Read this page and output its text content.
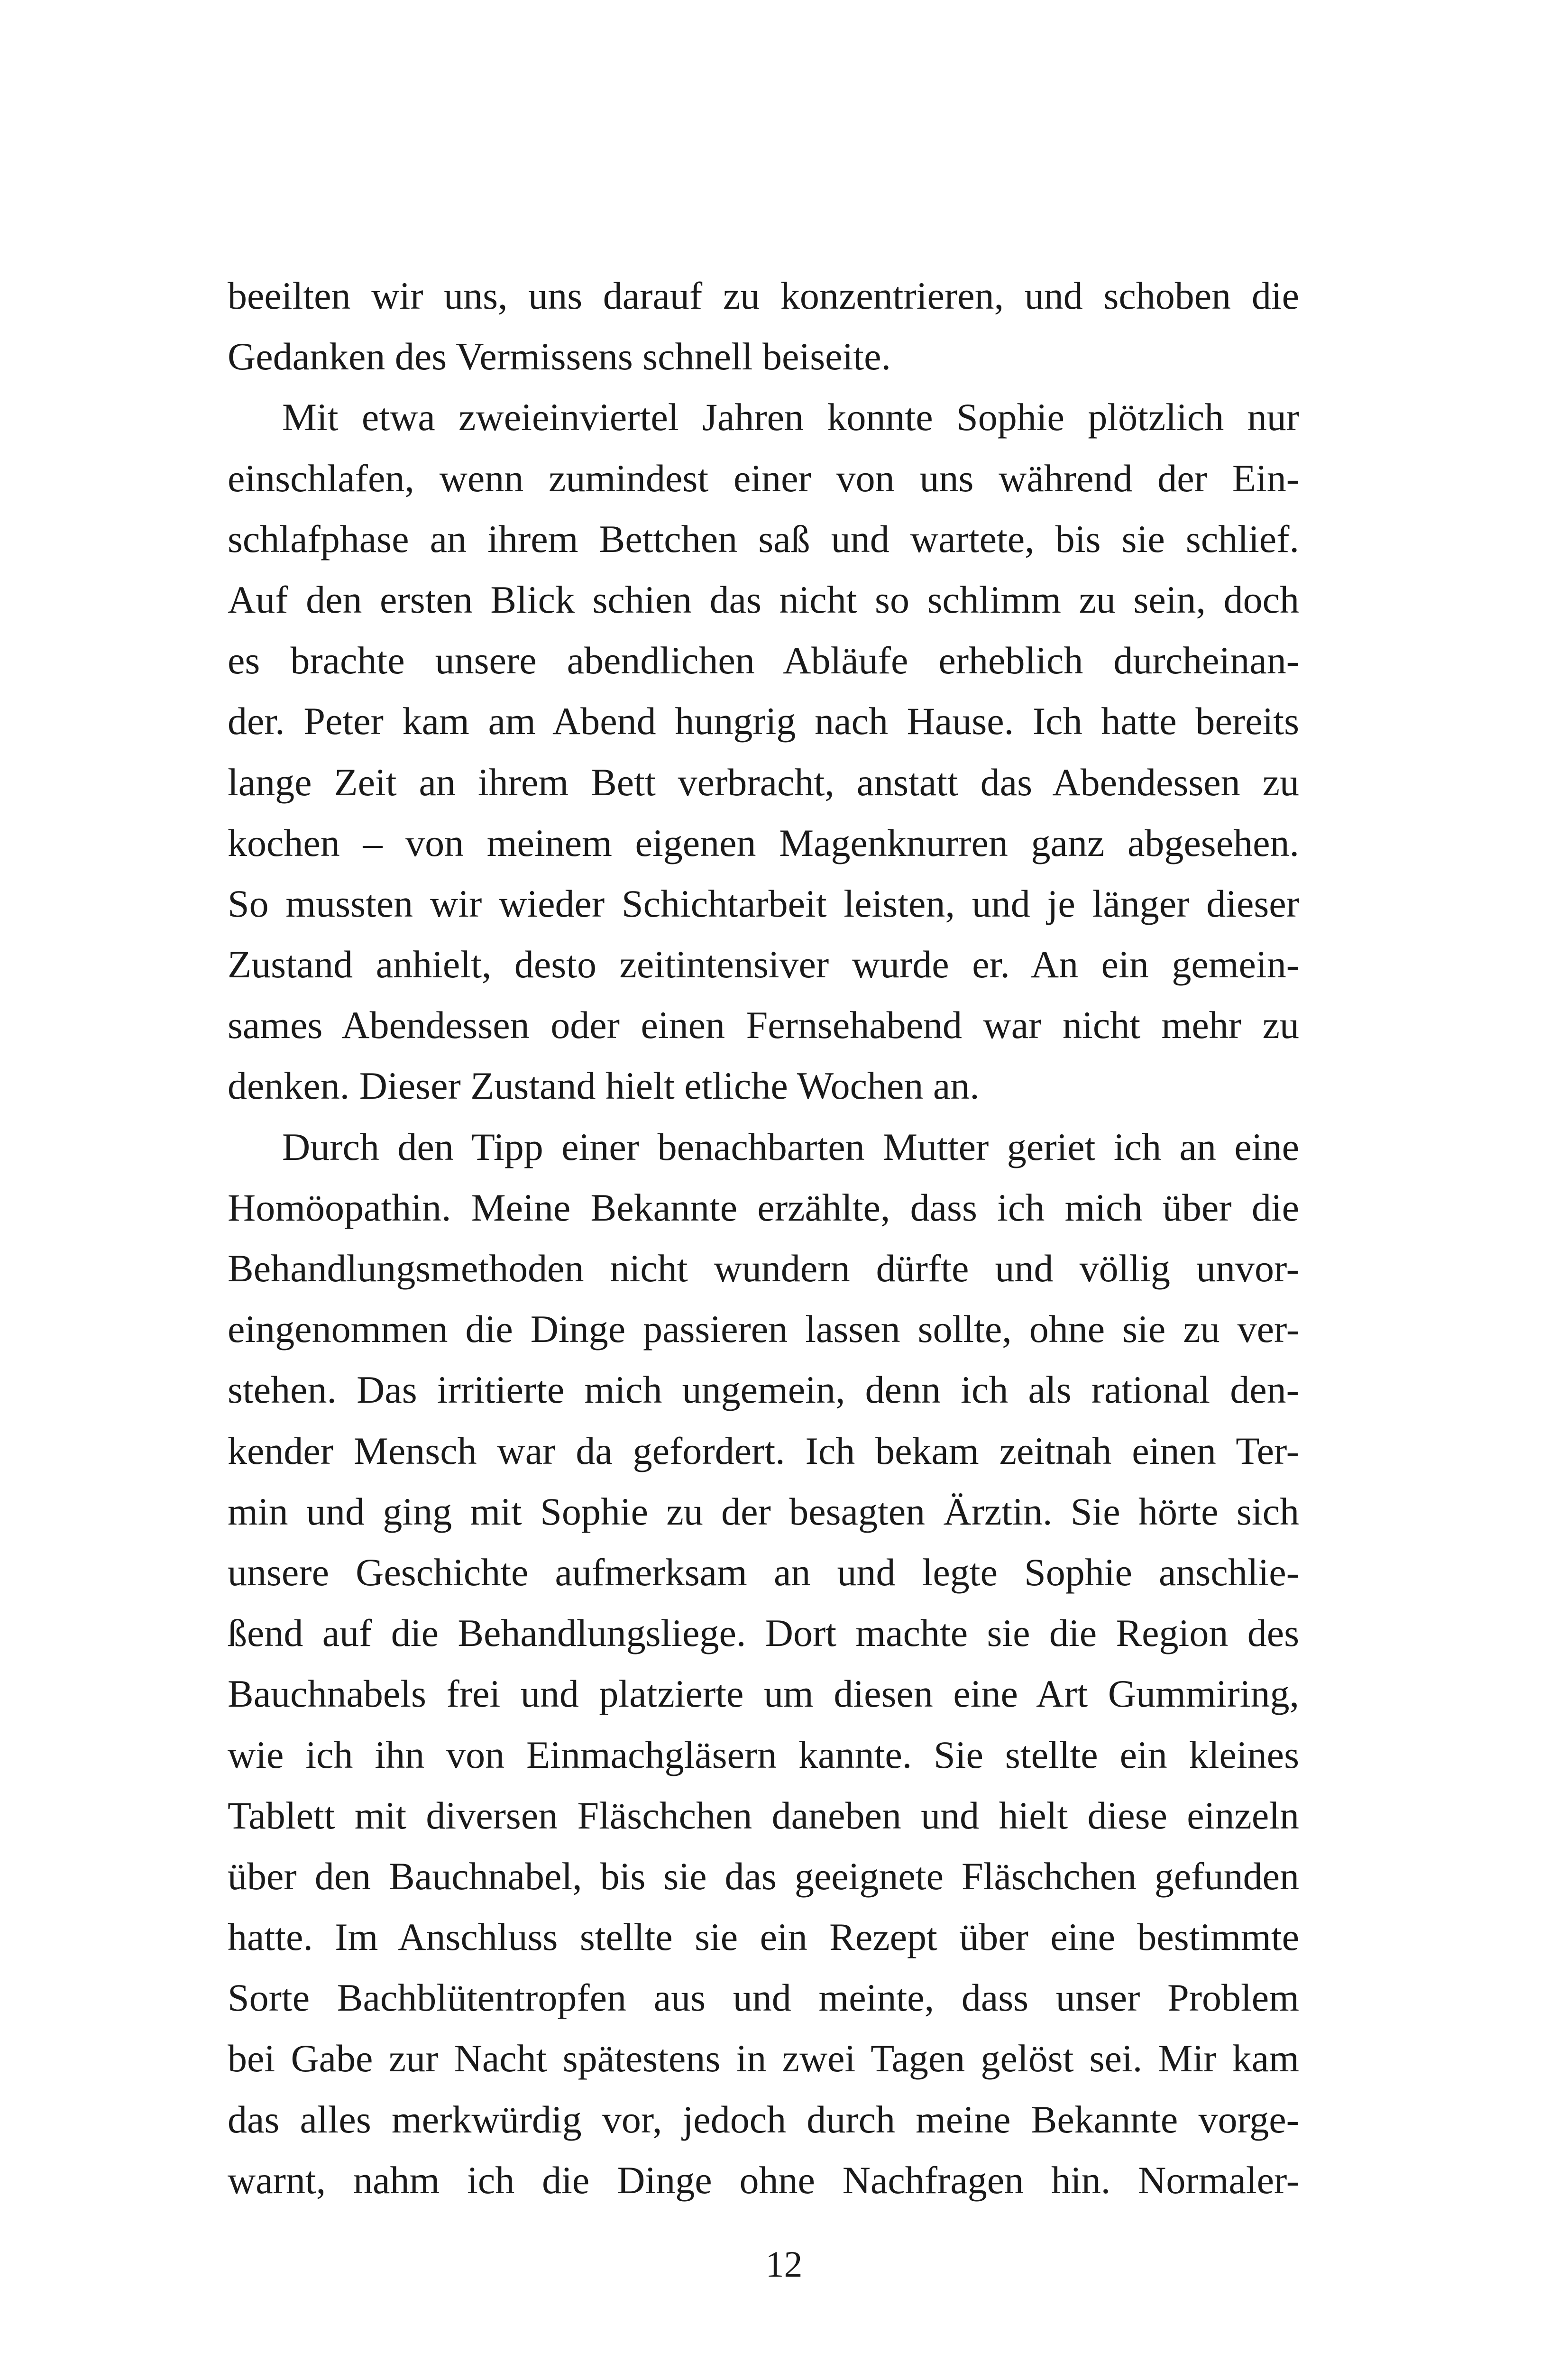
beeilten wir uns, uns darauf zu konzentrieren, und schoben die
Gedanken des Vermissens schnell beiseite.
Mit etwa zweieinviertel Jahren konnte Sophie plötzlich nur
einschlafen, wenn zumindest einer von uns während der Ein-
schlafphase an ihrem Bettchen saß und wartete, bis sie schlief.
Auf den ersten Blick schien das nicht so schlimm zu sein, doch
es brachte unsere abendlichen Abläufe erheblich durcheinan-
der. Peter kam am Abend hungrig nach Hause. Ich hatte bereits
lange Zeit an ihrem Bett verbracht, anstatt das Abendessen zu
kochen – von meinem eigenen Magenknurren ganz abgesehen.
So mussten wir wieder Schichtarbeit leisten, und je länger dieser
Zustand anhielt, desto zeitintensiver wurde er. An ein gemein-
sames Abendessen oder einen Fernsehabend war nicht mehr zu
denken. Dieser Zustand hielt etliche Wochen an.
Durch den Tipp einer benachbarten Mutter geriet ich an eine
Homöopathin. Meine Bekannte erzählte, dass ich mich über die
Behandlungsmethoden nicht wundern dürfte und völlig unvor-
eingenommen die Dinge passieren lassen sollte, ohne sie zu ver-
stehen. Das irritierte mich ungemein, denn ich als rational den-
kender Mensch war da gefordert. Ich bekam zeitnah einen Ter-
min und ging mit Sophie zu der besagten Ärztin. Sie hörte sich
unsere Geschichte aufmerksam an und legte Sophie anschlie-
ßend auf die Behandlungsliege. Dort machte sie die Region des
Bauchnabels frei und platzierte um diesen eine Art Gummiring,
wie ich ihn von Einmachgläsern kannte. Sie stellte ein kleines
Tablett mit diversen Fläschchen daneben und hielt diese einzeln
über den Bauchnabel, bis sie das geeignete Fläschchen gefunden
hatte. Im Anschluss stellte sie ein Rezept über eine bestimmte
Sorte Bachblütentropfen aus und meinte, dass unser Problem
bei Gabe zur Nacht spätestens in zwei Tagen gelöst sei. Mir kam
das alles merkwürdig vor, jedoch durch meine Bekannte vorge-
warnt, nahm ich die Dinge ohne Nachfragen hin. Normaler-
12
